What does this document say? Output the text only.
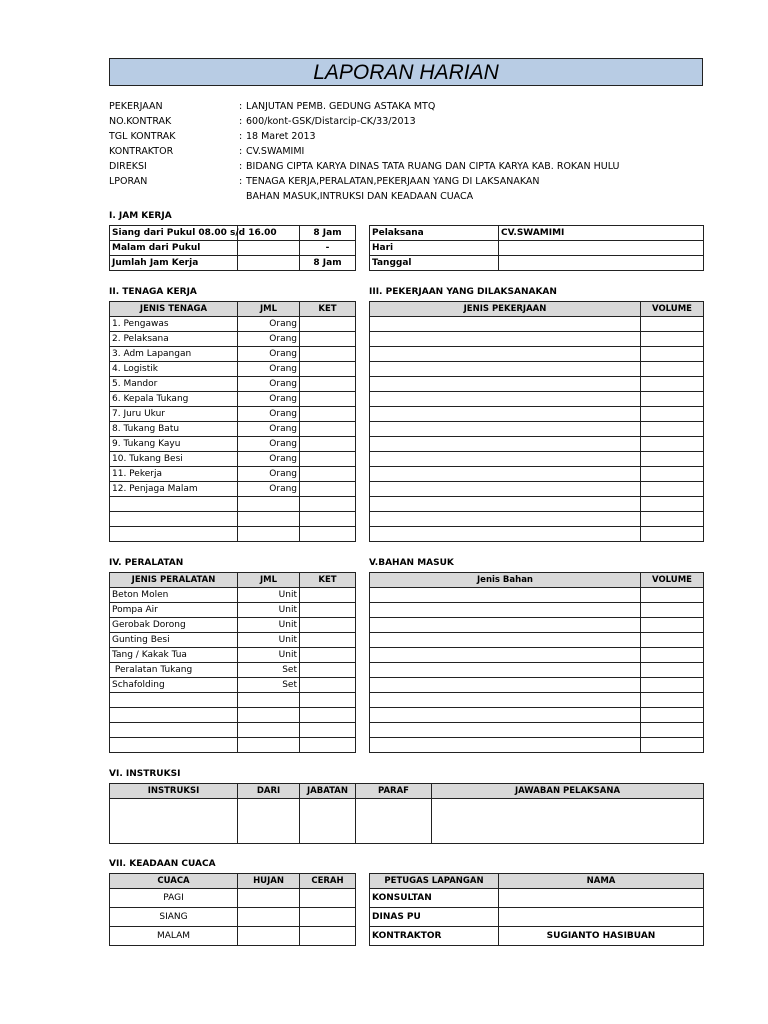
LAPORAN HARIAN
PEKERJAAN	: LANJUTAN PEMB. GEDUNG ASTAKA MTQ
NO.KONTRAK	: 600/kont-GSK/Distarcip-CK/33/2013
TGL KONTRAK	: 18 Maret 2013
KONTRAKTOR	: CV.SWAMIMI
DIREKSI	: BIDANG CIPTA KARYA DINAS TATA RUANG DAN CIPTA KARYA KAB. ROKAN HULU
LPORAN	: TENAGA KERJA,PERALATAN,PEKERJAAN YANG DI LAKSANAKAN
BAHAN MASUK,INTRUKSI DAN KEADAAN CUACA
I. JAM KERJA
Siang dari Pukul 08.00 s/d 16.00		8 Jam
Malam dari Pukul		-
Jumlah Jam Kerja		8 Jam
Pelaksana	CV.SWAMIMI
Hari	
Tanggal	
II. TENAGA KERJA
JENIS TENAGA	JML	KET
1. Pengawas	Orang	
2. Pelaksana	Orang	
3. Adm Lapangan	Orang	
4. Logistik	Orang	
5. Mandor	Orang	
6. Kepala Tukang	Orang	
7. Juru Ukur	Orang	
8. Tukang Batu	Orang	
9. Tukang Kayu	Orang	
10. Tukang Besi	Orang	
11. Pekerja	Orang	
12. Penjaga Malam	Orang	

III. PEKERJAAN YANG DILAKSANAKAN
JENIS PEKERJAAN	VOLUME

IV. PERALATAN
JENIS PERALATAN	JML	KET
Beton Molen	Unit	
Pompa Air	Unit	
Gerobak Dorong	Unit	
Gunting Besi	Unit	
Tang / Kakak Tua	Unit	
Peralatan Tukang	Set	
Schafolding	Set	

V.BAHAN MASUK
Jenis Bahan	VOLUME

VI. INSTRUKSI
INSTRUKSI	DARI	JABATAN	PARAF	JAWABAN PELAKSANA

VII. KEADAAN CUACA
CUACA	HUJAN	CERAH
PAGI		
SIANG		
MALAM		
PETUGAS LAPANGAN	NAMA
KONSULTAN	
DINAS PU	
KONTRAKTOR	SUGIANTO HASIBUAN
